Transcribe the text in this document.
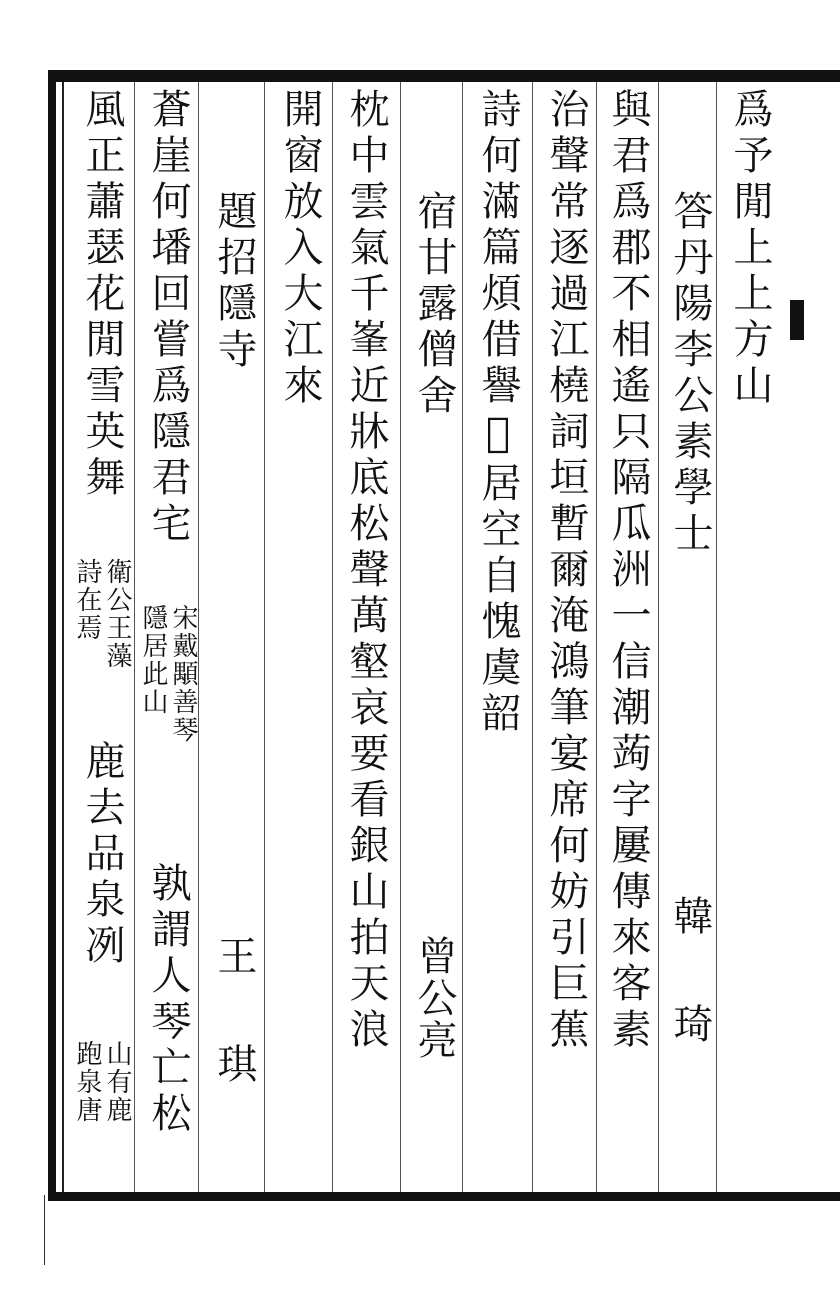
爲予閒上上方山
答丹陽李公素學士
韓　琦
與君爲郡不相遙只隔瓜洲一信潮蒟字屢傳來客素
治聲常逐過江橈詞垣暫爾淹鴻筆宴席何妨引巨蕉
詩何滿篇煩借譽𡚶居空自愧虞韶
宿甘露僧舍
曾公亮
枕中雲氣千峯近牀底松聲萬壑哀要看銀山拍天浪
開窗放入大江來
題招隱寺
王　琪
蒼崖何墦回嘗爲隱君宅
宋戴顒善琴
隱居此山
孰謂人琴亡松
風正蕭瑟花閒雪英舞
衛公王藻
詩在焉
鹿去品泉冽
山有鹿
跑泉唐
